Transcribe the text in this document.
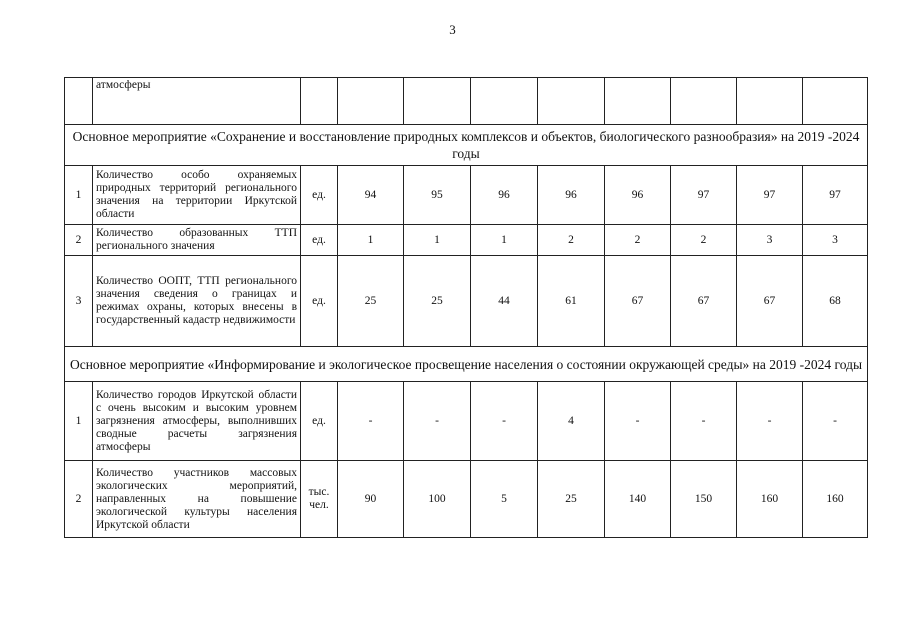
3
	атмосферы									
Основное мероприятие «Сохранение и восстановление природных комплексов и объектов, биологического разнообразия» на 2019 -2024 годы										
1	Количество особо охраняемых природных территорий регионального значения на территории Иркутской области	ед.	94	95	96	96	96	97	97	97
2	Количество образованных ТТП регионального значения	ед.	1	1	1	2	2	2	3	3
3	Количество ООПТ, ТТП регионального значения сведения о границах и режимах охраны, которых внесены в государственный кадастр недвижимости	ед.	25	25	44	61	67	67	67	68
Основное мероприятие «Информирование и экологическое просвещение населения о состоянии окружающей среды» на 2019 -2024 годы										
1	Количество городов Иркутской области с очень высоким и высоким уровнем загрязнения атмосферы, выполнивших сводные расчеты загрязнения атмосферы	ед.	-	-	-	4	-	-	-	-
2	Количество участников массовых экологических мероприятий, направленных на повышение экологической культуры населения Иркутской области	тыс. чел.	90	100	5	25	140	150	160	160
